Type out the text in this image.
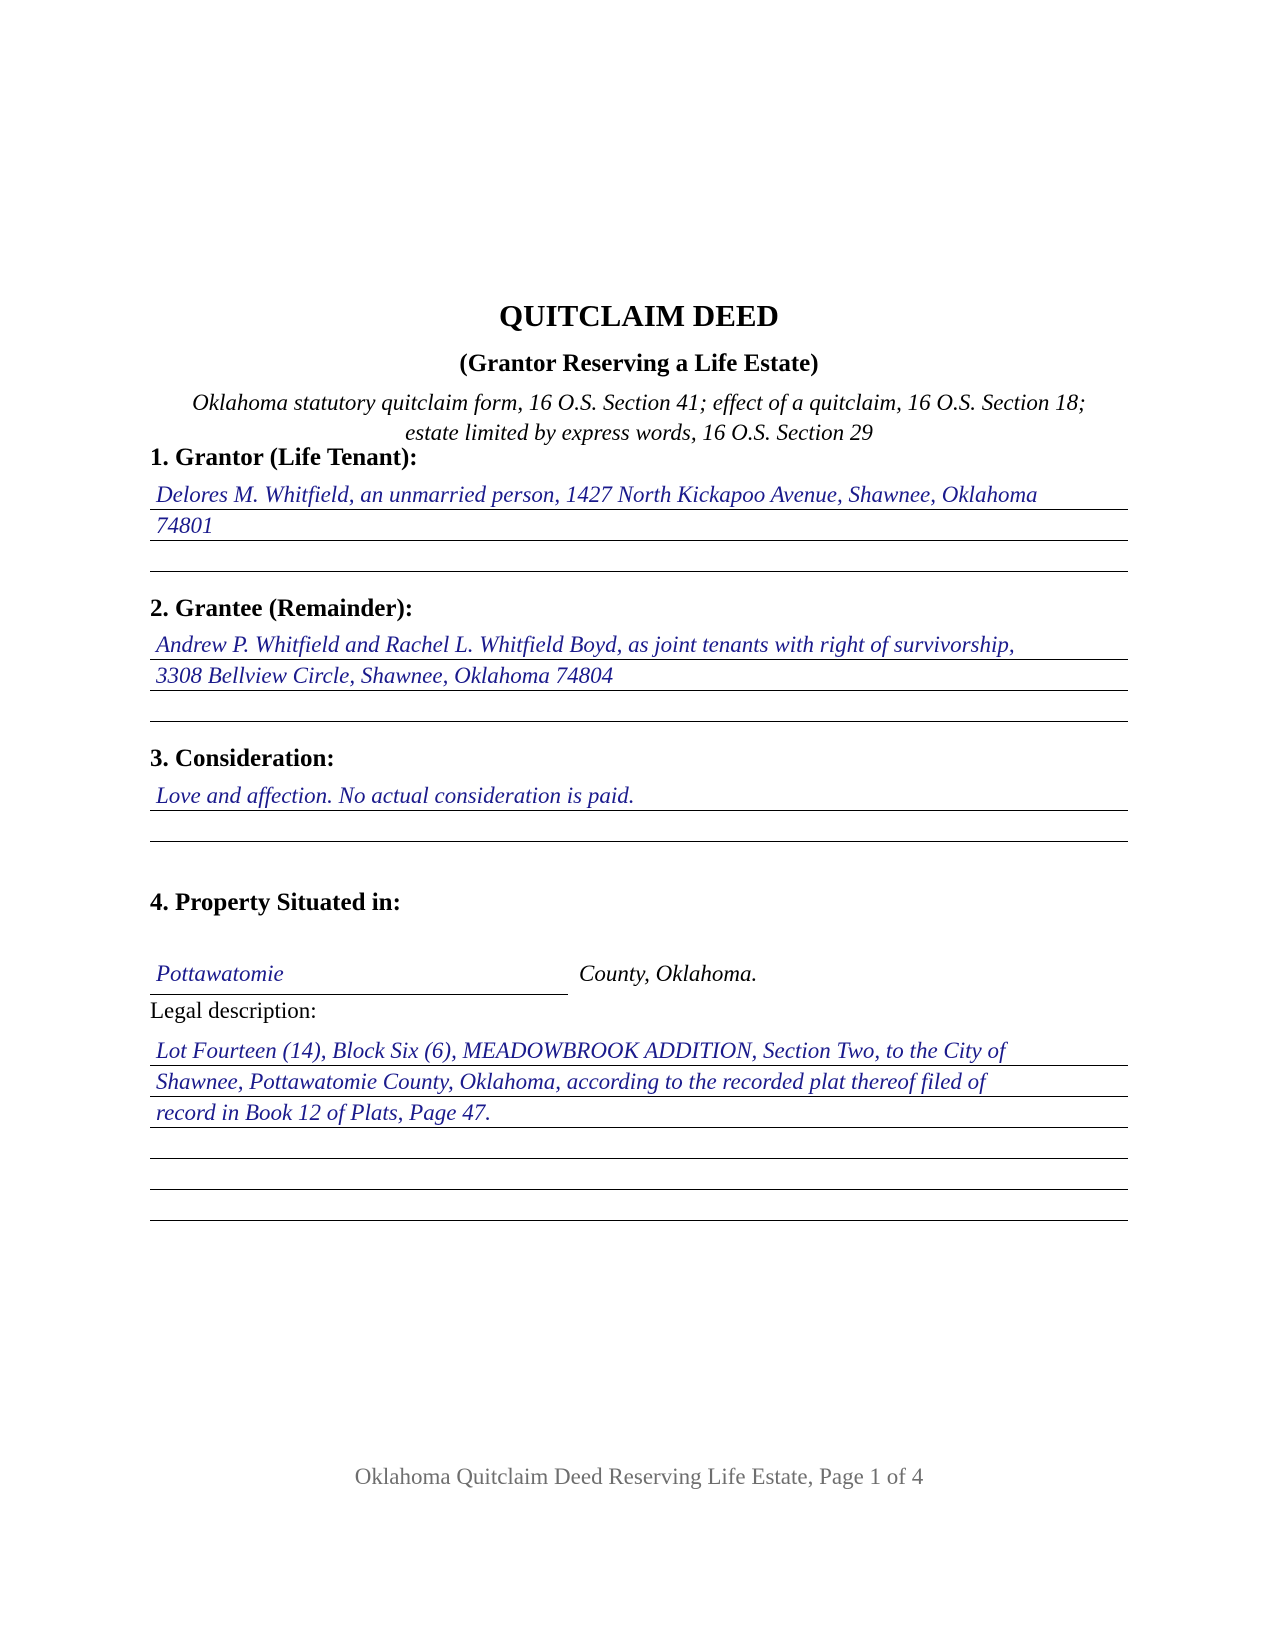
QUITCLAIM DEED
(Grantor Reserving a Life Estate)
Oklahoma statutory quitclaim form, 16 O.S. Section 41; effect of a quitclaim, 16 O.S. Section 18;
estate limited by express words, 16 O.S. Section 29
1. Grantor (Life Tenant):
Delores M. Whitfield, an unmarried person, 1427 North Kickapoo Avenue, Shawnee, Oklahoma
74801
2. Grantee (Remainder):
Andrew P. Whitfield and Rachel L. Whitfield Boyd, as joint tenants with right of survivorship,
3308 Bellview Circle, Shawnee, Oklahoma 74804
3. Consideration:
Love and affection. No actual consideration is paid.
4. Property Situated in:
Pottawatomie	County, Oklahoma.
Legal description:
Lot Fourteen (14), Block Six (6), MEADOWBROOK ADDITION, Section Two, to the City of
Shawnee, Pottawatomie County, Oklahoma, according to the recorded plat thereof filed of
record in Book 12 of Plats, Page 47.
Oklahoma Quitclaim Deed Reserving Life Estate, Page 1 of 4
